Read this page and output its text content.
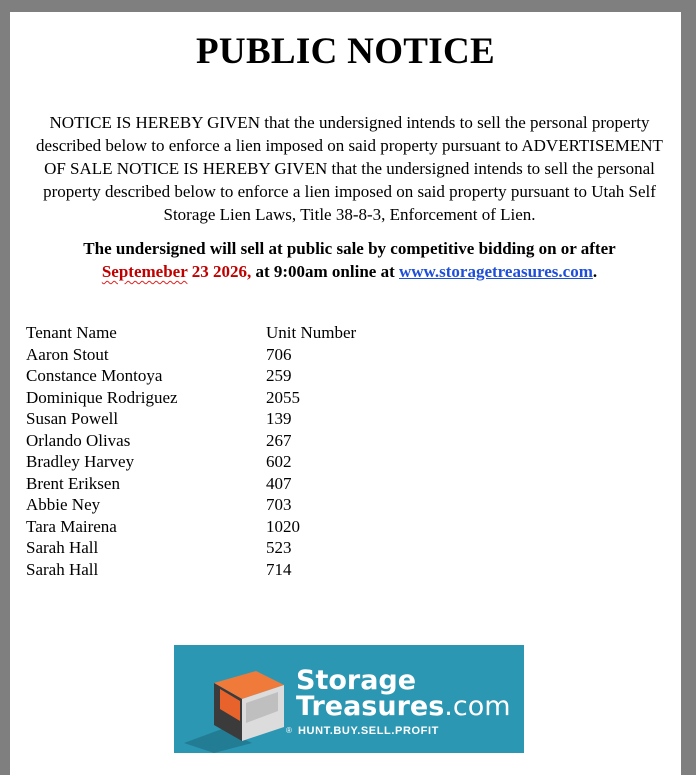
PUBLIC NOTICE
NOTICE IS HEREBY GIVEN that the undersigned intends to sell the personal property described below to enforce a lien imposed on said property pursuant to ADVERTISEMENT OF SALE NOTICE IS HEREBY GIVEN that the undersigned intends to sell the personal property described below to enforce a lien imposed on said property pursuant to Utah Self Storage Lien Laws, Title 38-8-3, Enforcement of Lien.
The undersigned will sell at public sale by competitive bidding on or after
Septemeber 23 2026, at 9:00am online at www.storagetreasures.com.
Tenant Name	Unit Number
Aaron Stout	706
Constance Montoya	259
Dominique Rodriguez	2055
Susan Powell	139
Orlando Olivas	267
Bradley Harvey	602
Brent Eriksen	407
Abbie Ney	703
Tara Mairena	1020
Sarah Hall	523
Sarah Hall	714
Storage
Treasures.com
® HUNT.BUY.SELL.PROFIT
